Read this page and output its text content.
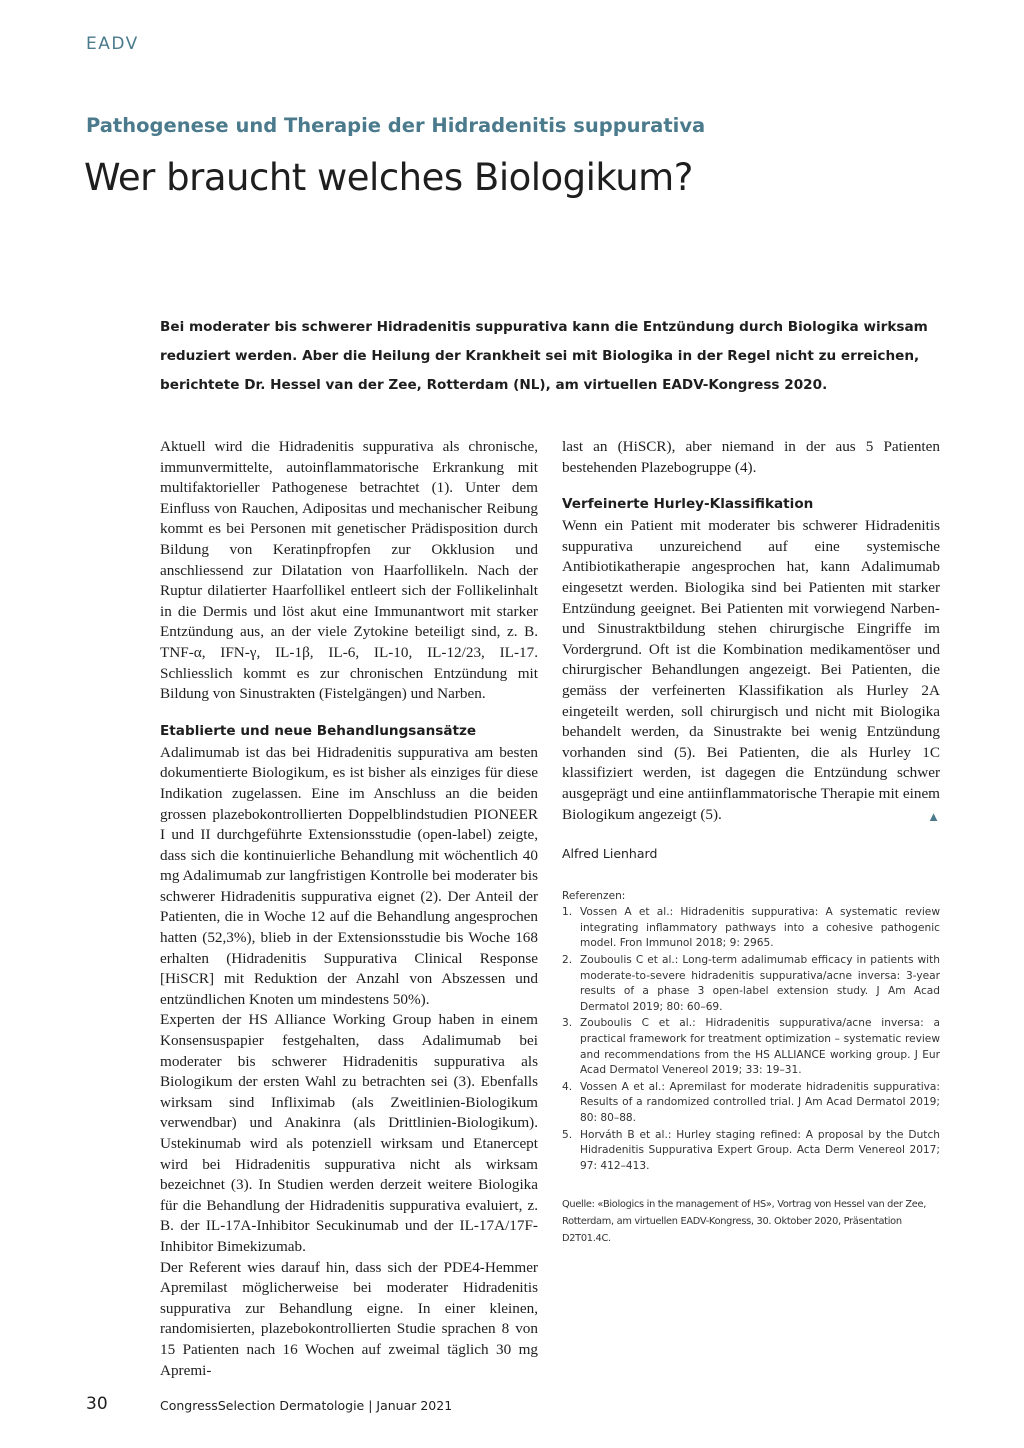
EADV
Pathogenese und Therapie der Hidradenitis suppurativa
Wer braucht welches Biologikum?

Bei moderater bis schwerer Hidradenitis suppurativa kann die Entzündung durch Biologika wirksam reduziert werden. Aber die Heilung der Krankheit sei mit Biologika in der Regel nicht zu erreichen, berichtete Dr. Hessel van der Zee, Rotterdam (NL), am virtuellen EADV-Kongress 2020.

Aktuell wird die Hidradenitis suppurativa als chronische, immunvermittelte, autoinflammatorische Erkrankung mit multifaktorieller Pathogenese betrachtet (1). Unter dem Einfluss von Rauchen, Adipositas und mechanischer Reibung kommt es bei Personen mit genetischer Prädisposition durch Bildung von Keratinpfropfen zur Okklusion und anschliessend zur Dilatation von Haarfollikeln. Nach der Ruptur dilatierter Haarfollikel entleert sich der Follikelinhalt in die Dermis und löst akut eine Immunantwort mit starker Entzündung aus, an der viele Zytokine beteiligt sind, z. B. TNF-α, IFN-γ, IL-1β, IL-6, IL-10, IL-12/23, IL-17. Schliesslich kommt es zur chronischen Entzündung mit Bildung von Sinustrakten (Fistelgängen) und Narben.

Etablierte und neue Behandlungsansätze

Adalimumab ist das bei Hidradenitis suppurativa am besten dokumentierte Biologikum, es ist bisher als einziges für diese Indikation zugelassen. Eine im Anschluss an die beiden grossen plazebokontrollierten Doppelblindstudien PIONEER I und II durchgeführte Extensionsstudie (open-label) zeigte, dass sich die kontinuierliche Behandlung mit wöchentlich 40 mg Adalimumab zur langfristigen Kontrolle bei moderater bis schwerer Hidradenitis suppurativa eignet (2). Der Anteil der Patienten, die in Woche 12 auf die Behandlung angesprochen hatten (52,3%), blieb in der Extensionsstudie bis Woche 168 erhalten (Hidradenitis Suppurativa Clinical Response [HiSCR] mit Reduktion der Anzahl von Abszessen und entzündlichen Knoten um mindestens 50%).

Experten der HS Alliance Working Group haben in einem Konsensuspapier festgehalten, dass Adalimumab bei moderater bis schwerer Hidradenitis suppurativa als Biologikum der ersten Wahl zu betrachten sei (3). Ebenfalls wirksam sind Infliximab (als Zweitlinien-Biologikum verwendbar) und Anakinra (als Drittlinien-Biologikum). Ustekinumab wird als potenziell wirksam und Etanercept wird bei Hidradenitis suppurativa nicht als wirksam bezeichnet (3). In Studien werden derzeit weitere Biologika für die Behandlung der Hidradenitis suppurativa evaluiert, z. B. der IL-17A-Inhibitor Secukinumab und der IL-17A/17F-Inhibitor Bimekizumab.

Der Referent wies darauf hin, dass sich der PDE4-Hemmer Apremilast möglicherweise bei moderater Hidradenitis suppurativa zur Behandlung eigne. In einer kleinen, randomisierten, plazebokontrollierten Studie sprachen 8 von 15 Patienten nach 16 Wochen auf zweimal täglich 30 mg Apremi-

last an (HiSCR), aber niemand in der aus 5 Patienten bestehenden Plazebogruppe (4).

Verfeinerte Hurley-Klassifikation

Wenn ein Patient mit moderater bis schwerer Hidradenitis suppurativa unzureichend auf eine systemische Antibiotikatherapie angesprochen hat, kann Adalimumab eingesetzt werden. Biologika sind bei Patienten mit starker Entzündung geeignet. Bei Patienten mit vorwiegend Narben- und Sinustraktbildung stehen chirurgische Eingriffe im Vordergrund. Oft ist die Kombination medikamentöser und chirurgischer Behandlungen angezeigt. Bei Patienten, die gemäss der verfeinerten Klassifikation als Hurley 2A eingeteilt werden, soll chirurgisch und nicht mit Biologika behandelt werden, da Sinustrakte bei wenig Entzündung vorhanden sind (5). Bei Patienten, die als Hurley 1C klassifiziert werden, ist dagegen die Entzündung schwer ausgeprägt und eine antiinflammatorische Therapie mit einem Biologikum angezeigt (5).	▲

Alfred Lienhard

Referenzen:

1. Vossen A et al.: Hidradenitis suppurativa: A systematic review integrating inflammatory pathways into a cohesive pathogenic model. Fron Immunol 2018; 9: 2965.
2. Zouboulis C et al.: Long-term adalimumab efficacy in patients with moderate-to-severe hidradenitis suppurativa/acne inversa: 3-year results of a phase 3 open-label extension study. J Am Acad Dermatol 2019; 80: 60–69.
3. Zouboulis C et al.: Hidradenitis suppurativa/acne inversa: a practical framework for treatment optimization – systematic review and recommendations from the HS ALLIANCE working group. J Eur Acad Dermatol Venereol 2019; 33: 19–31.
4. Vossen A et al.: Apremilast for moderate hidradenitis suppurativa: Results of a randomized controlled trial. J Am Acad Dermatol 2019; 80: 80–88.
5. Horváth B et al.: Hurley staging refined: A proposal by the Dutch Hidradenitis Suppurativa Expert Group. Acta Derm Venereol 2017; 97: 412–413.
Quelle: «Biologics in the management of HS», Vortrag von Hessel van der Zee, Rotterdam, am virtuellen EADV-Kongress, 30. Oktober 2020, Präsentation D2T01.4C.
30	CongressSelection Dermatologie | Januar 2021
